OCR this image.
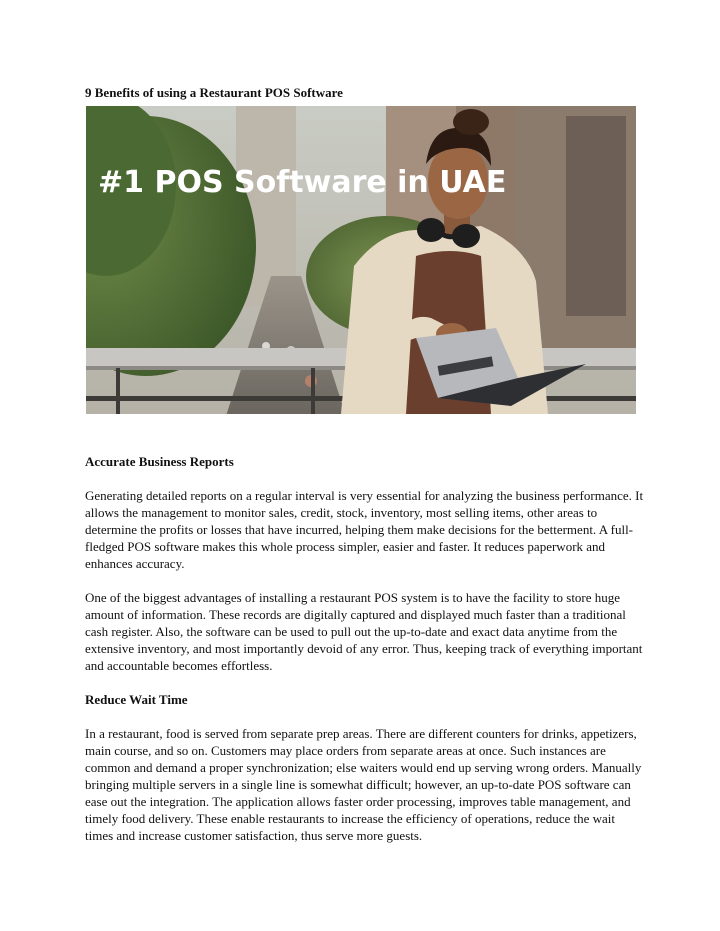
9 Benefits of using a Restaurant POS Software
#1 POS Software in UAE
Accurate Business Reports

Generating detailed reports on a regular interval is very essential for analyzing the business performance. It allows the management to monitor sales, credit, stock, inventory, most selling items, other areas to determine the profits or losses that have incurred, helping them make decisions for the betterment. A full-fledged POS software makes this whole process simpler, easier and faster. It reduces paperwork and enhances accuracy.

One of the biggest advantages of installing a restaurant POS system is to have the facility to store huge amount of information. These records are digitally captured and displayed much faster than a traditional cash register. Also, the software can be used to pull out the up-to-date and exact data anytime from the extensive inventory, and most importantly devoid of any error. Thus, keeping track of everything important and accountable becomes effortless.

Reduce Wait Time

In a restaurant, food is served from separate prep areas. There are different counters for drinks, appetizers, main course, and so on. Customers may place orders from separate areas at once. Such instances are common and demand a proper synchronization; else waiters would end up serving wrong orders. Manually bringing multiple servers in a single line is somewhat difficult; however, an up-to-date POS software can ease out the integration. The application allows faster order processing, improves table management, and timely food delivery. These enable restaurants to increase the efficiency of operations, reduce the wait times and increase customer satisfaction, thus serve more guests.
